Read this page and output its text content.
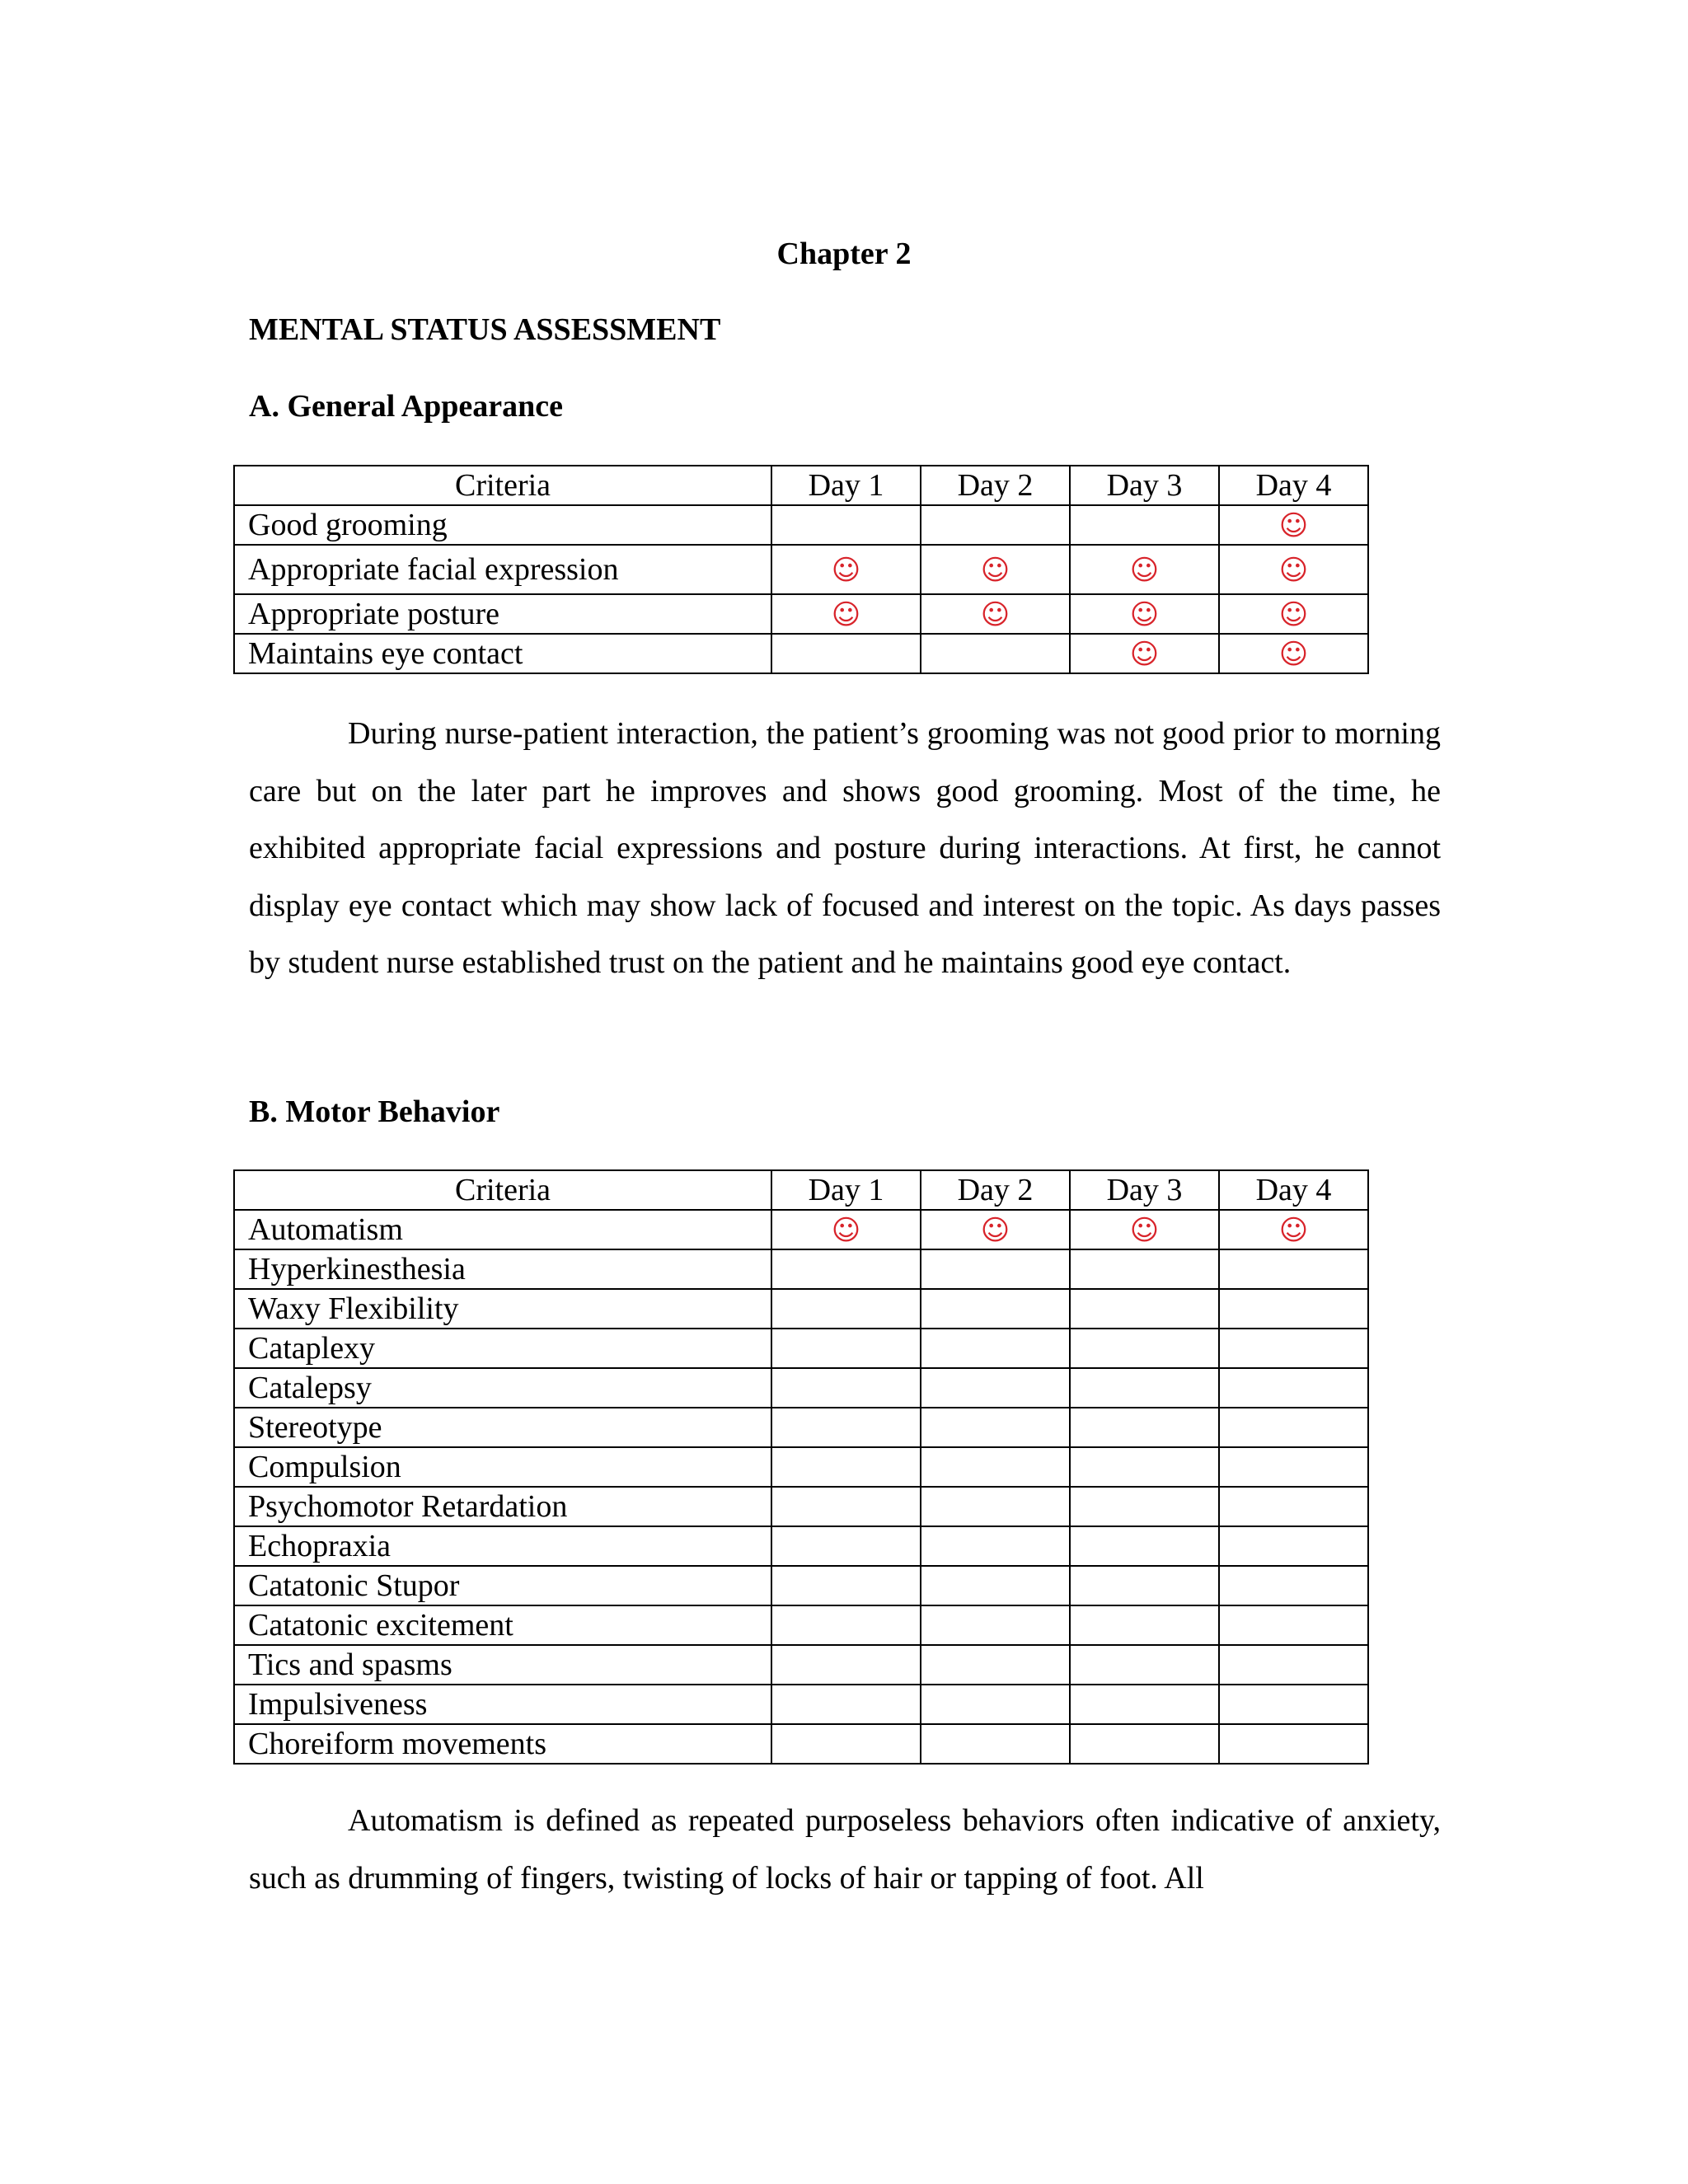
Chapter 2
MENTAL STATUS ASSESSMENT
A. General Appearance
Criteria	Day 1	Day 2	Day 3	Day 4
Good grooming				☺
Appropriate facial expression	☺	☺	☺	☺
Appropriate posture	☺	☺	☺	☺
Maintains eye contact			☺	☺

During nurse-patient interaction, the patient’s grooming was not good prior to morning care but on the later part he improves and shows good grooming. Most of the time, he exhibited appropriate facial expressions and posture during interactions. At first, he cannot display eye contact which may show lack of focused and interest on the topic. As days passes by student nurse established trust on the patient and he maintains good eye contact.

B. Motor Behavior
Criteria	Day 1	Day 2	Day 3	Day 4
Automatism	☺	☺	☺	☺
Hyperkinesthesia				
Waxy Flexibility				
Cataplexy				
Catalepsy				
Stereotype				
Compulsion				
Psychomotor Retardation				
Echopraxia				
Catatonic Stupor				
Catatonic excitement				
Tics and spasms				
Impulsiveness				
Choreiform movements				

Automatism is defined as repeated purposeless behaviors often indicative of anxiety, such as drumming of fingers, twisting of locks of hair or tapping of foot. All
